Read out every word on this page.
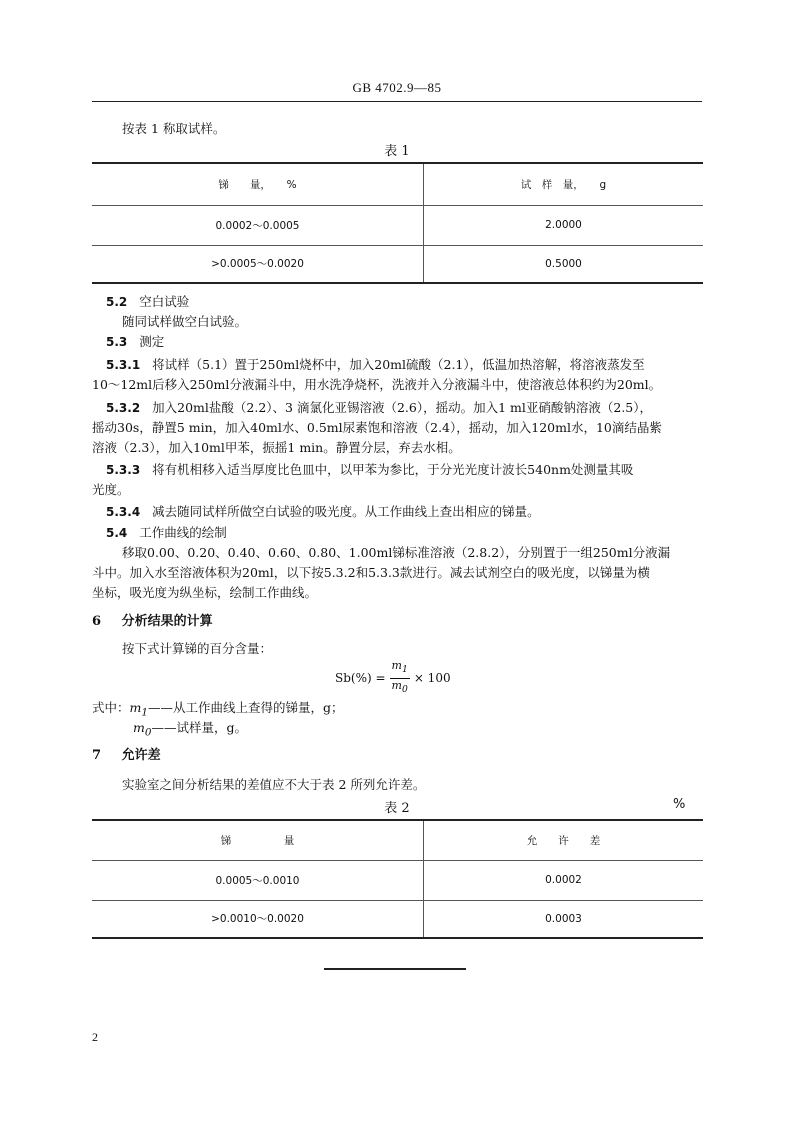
GB 4702.9—85
按表 1 称取试样。
表 1
锑　　量，　　%	试　样　量，　　g
0.0002～0.0005	2.0000
>0.0005～0.0020	0.5000
5.2 空白试验
随同试样做空白试验。
5.3 测定
5.3.1 将试样（5.1）置于250ml烧杯中，加入20ml硫酸（2.1），低温加热溶解，将溶液蒸发至
10～12ml后移入250ml分液漏斗中，用水洗净烧杯，洗液并入分液漏斗中，使溶液总体积约为20ml。
5.3.2 加入20ml盐酸（2.2）、3 滴氯化亚锡溶液（2.6），摇动。加入1 ml亚硝酸钠溶液（2.5），
摇动30s，静置5 min，加入40ml水、0.5ml尿素饱和溶液（2.4），摇动，加入120ml水，10滴结晶紫
溶液（2.3），加入10ml甲苯，振摇1 min。静置分层，弃去水相。
5.3.3 将有机相移入适当厚度比色皿中，以甲苯为参比，于分光光度计波长540nm处测量其吸
光度。
5.3.4 减去随同试样所做空白试验的吸光度。从工作曲线上查出相应的锑量。
5.4 工作曲线的绘制
移取0.00、0.20、0.40、0.60、0.80、1.00ml锑标准溶液（2.8.2），分别置于一组250ml分液漏
斗中。加入水至溶液体积为20ml，以下按5.3.2和5.3.3款进行。减去试剂空白的吸光度，以锑量为横
坐标，吸光度为纵坐标，绘制工作曲线。
6 分析结果的计算
按下式计算锑的百分含量：
$Sb(\%) = \frac{m_1}{m_0} \times 100$
式中：$m_1——$从工作曲线上查得的锑量，g；
$m_0——$试样量，g。
7 允许差
实验室之间分析结果的差值应不大于表 2 所列允许差。
表 2	%
锑　　　　　量	允　　许　　差
0.0005～0.0010	0.0002
>0.0010～0.0020	0.0003
2
